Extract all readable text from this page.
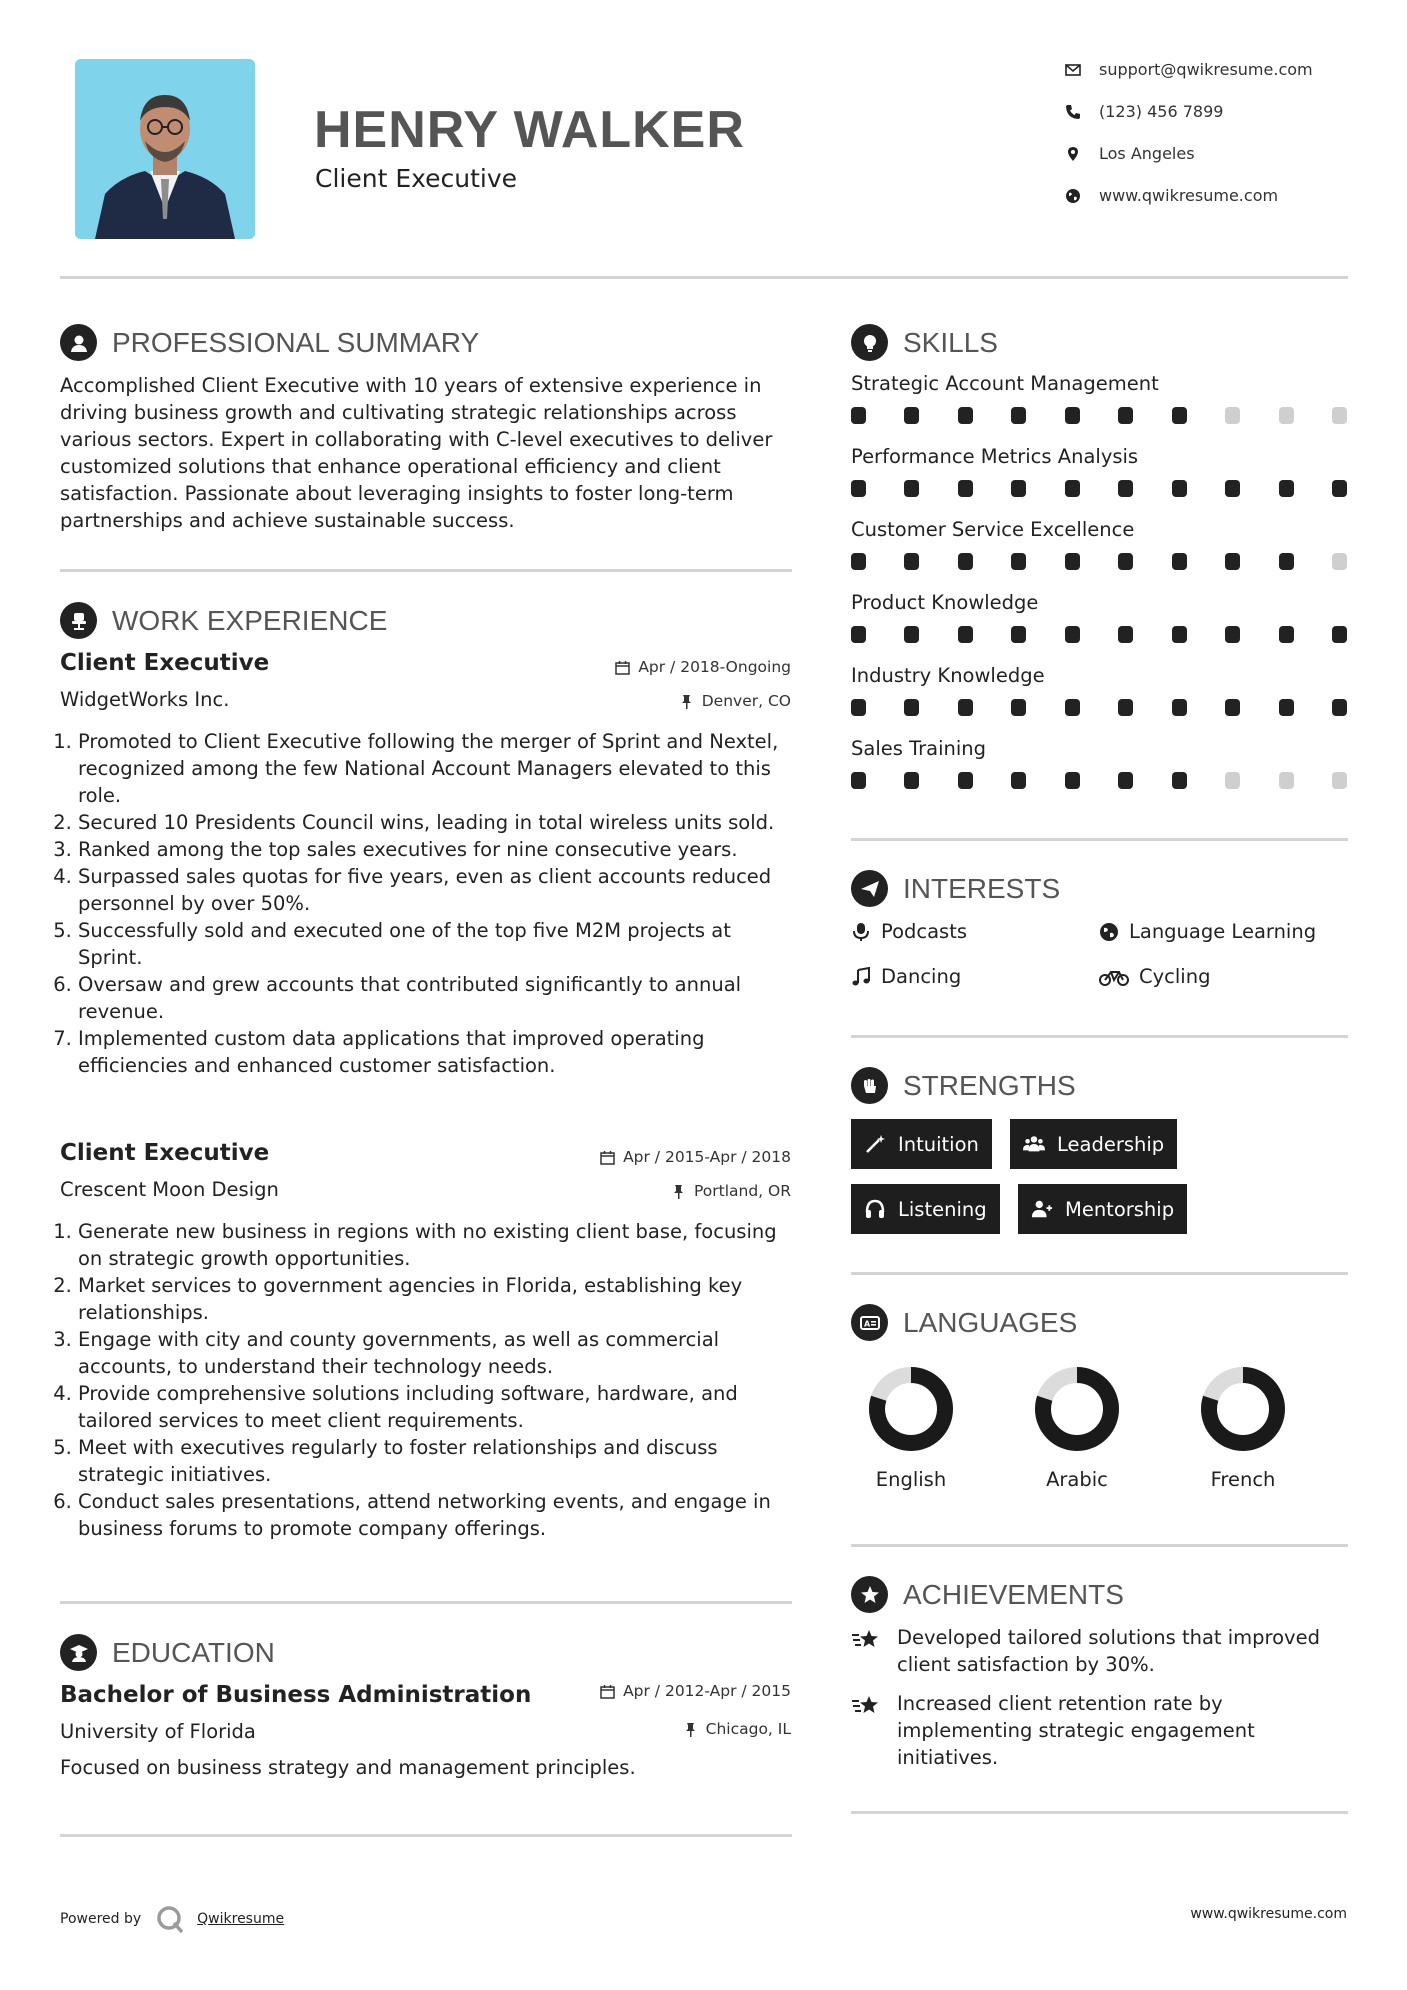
HENRY WALKER
Client Executive
support@qwikresume.com
(123) 456 7899
Los Angeles
www.qwikresume.com
PROFESSIONAL SUMMARY
Accomplished Client Executive with 10 years of extensive experience in driving business growth and cultivating strategic relationships across various sectors. Expert in collaborating with C-level executives to deliver customized solutions that enhance operational efficiency and client satisfaction. Passionate about leveraging insights to foster long-term partnerships and achieve sustainable success.
WORK EXPERIENCE
Client Executive	Apr / 2018-Ongoing
WidgetWorks Inc.	Denver, CO
1. Promoted to Client Executive following the merger of Sprint and Nextel, recognized among the few National Account Managers elevated to this role.
2. Secured 10 Presidents Council wins, leading in total wireless units sold.
3. Ranked among the top sales executives for nine consecutive years.
4. Surpassed sales quotas for five years, even as client accounts reduced personnel by over 50%.
5. Successfully sold and executed one of the top five M2M projects at Sprint.
6. Oversaw and grew accounts that contributed significantly to annual revenue.
7. Implemented custom data applications that improved operating efficiencies and enhanced customer satisfaction.
Client Executive	Apr / 2015-Apr / 2018
Crescent Moon Design	Portland, OR
1. Generate new business in regions with no existing client base, focusing on strategic growth opportunities.
2. Market services to government agencies in Florida, establishing key relationships.
3. Engage with city and county governments, as well as commercial accounts, to understand their technology needs.
4. Provide comprehensive solutions including software, hardware, and tailored services to meet client requirements.
5. Meet with executives regularly to foster relationships and discuss strategic initiatives.
6. Conduct sales presentations, attend networking events, and engage in business forums to promote company offerings.
EDUCATION
Bachelor of Business Administration	Apr / 2012-Apr / 2015
University of Florida	Chicago, IL
Focused on business strategy and management principles.
SKILLS
Strategic Account Management
Performance Metrics Analysis
Customer Service Excellence
Product Knowledge
Industry Knowledge
Sales Training
INTERESTS
Podcasts	Language Learning
Dancing	Cycling
STRENGTHS
Intuition	Leadership
Listening	Mentorship
A LANGUAGES
English	Arabic	French
ACHIEVEMENTS
Developed tailored solutions that improved client satisfaction by 30%.
Increased client retention rate by implementing strategic engagement initiatives.
Powered by	Qwikresume	www.qwikresume.com
